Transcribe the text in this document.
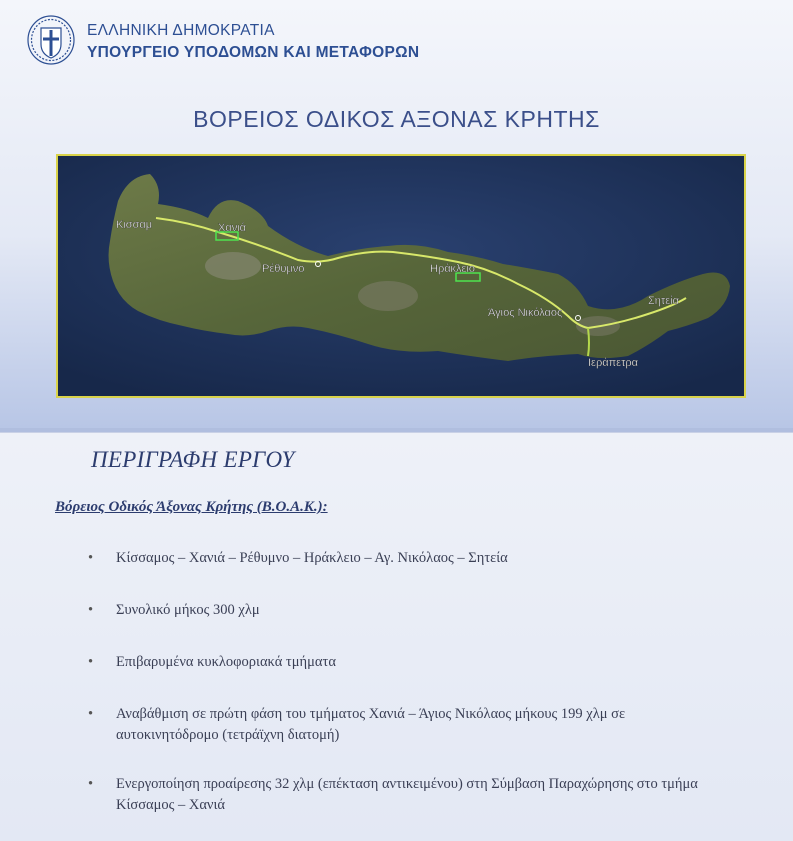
ΕΛΛΗΝΙΚΗ ΔΗΜΟΚΡΑΤΙΑ
ΥΠΟΥΡΓΕΙΟ ΥΠΟΔΟΜΩΝ ΚΑΙ ΜΕΤΑΦΟΡΩΝ
ΒΟΡΕΙΟΣ ΟΔΙΚΟΣ ΑΞΟΝΑΣ ΚΡΗΤΗΣ
Κισσαμ	Χανιά
Ρέθυμνο	Ηράκλειο
Άγιος Νικόλαος
Σητεία
Ιεράπετρα
ΠΕΡΙΓΡΑΦΗ ΕΡΓΟΥ
Βόρειος Οδικός Άξονας Κρήτης (Β.Ο.Α.Κ.):
• Κίσσαμος – Χανιά – Ρέθυμνο – Ηράκλειο – Αγ. Νικόλαος – Σητεία
• Συνολικό μήκος 300 χλμ
• Επιβαρυμένα κυκλοφοριακά τμήματα
• Αναβάθμιση σε πρώτη φάση του τμήματος Χανιά – Άγιος Νικόλαος μήκους 199 χλμ σε αυτοκινητόδρομο (τετράϊχνη διατομή)
• Ενεργοποίηση προαίρεσης 32 χλμ (επέκταση αντικειμένου) στη Σύμβαση Παραχώρησης στο τμήμα Κίσσαμος – Χανιά
